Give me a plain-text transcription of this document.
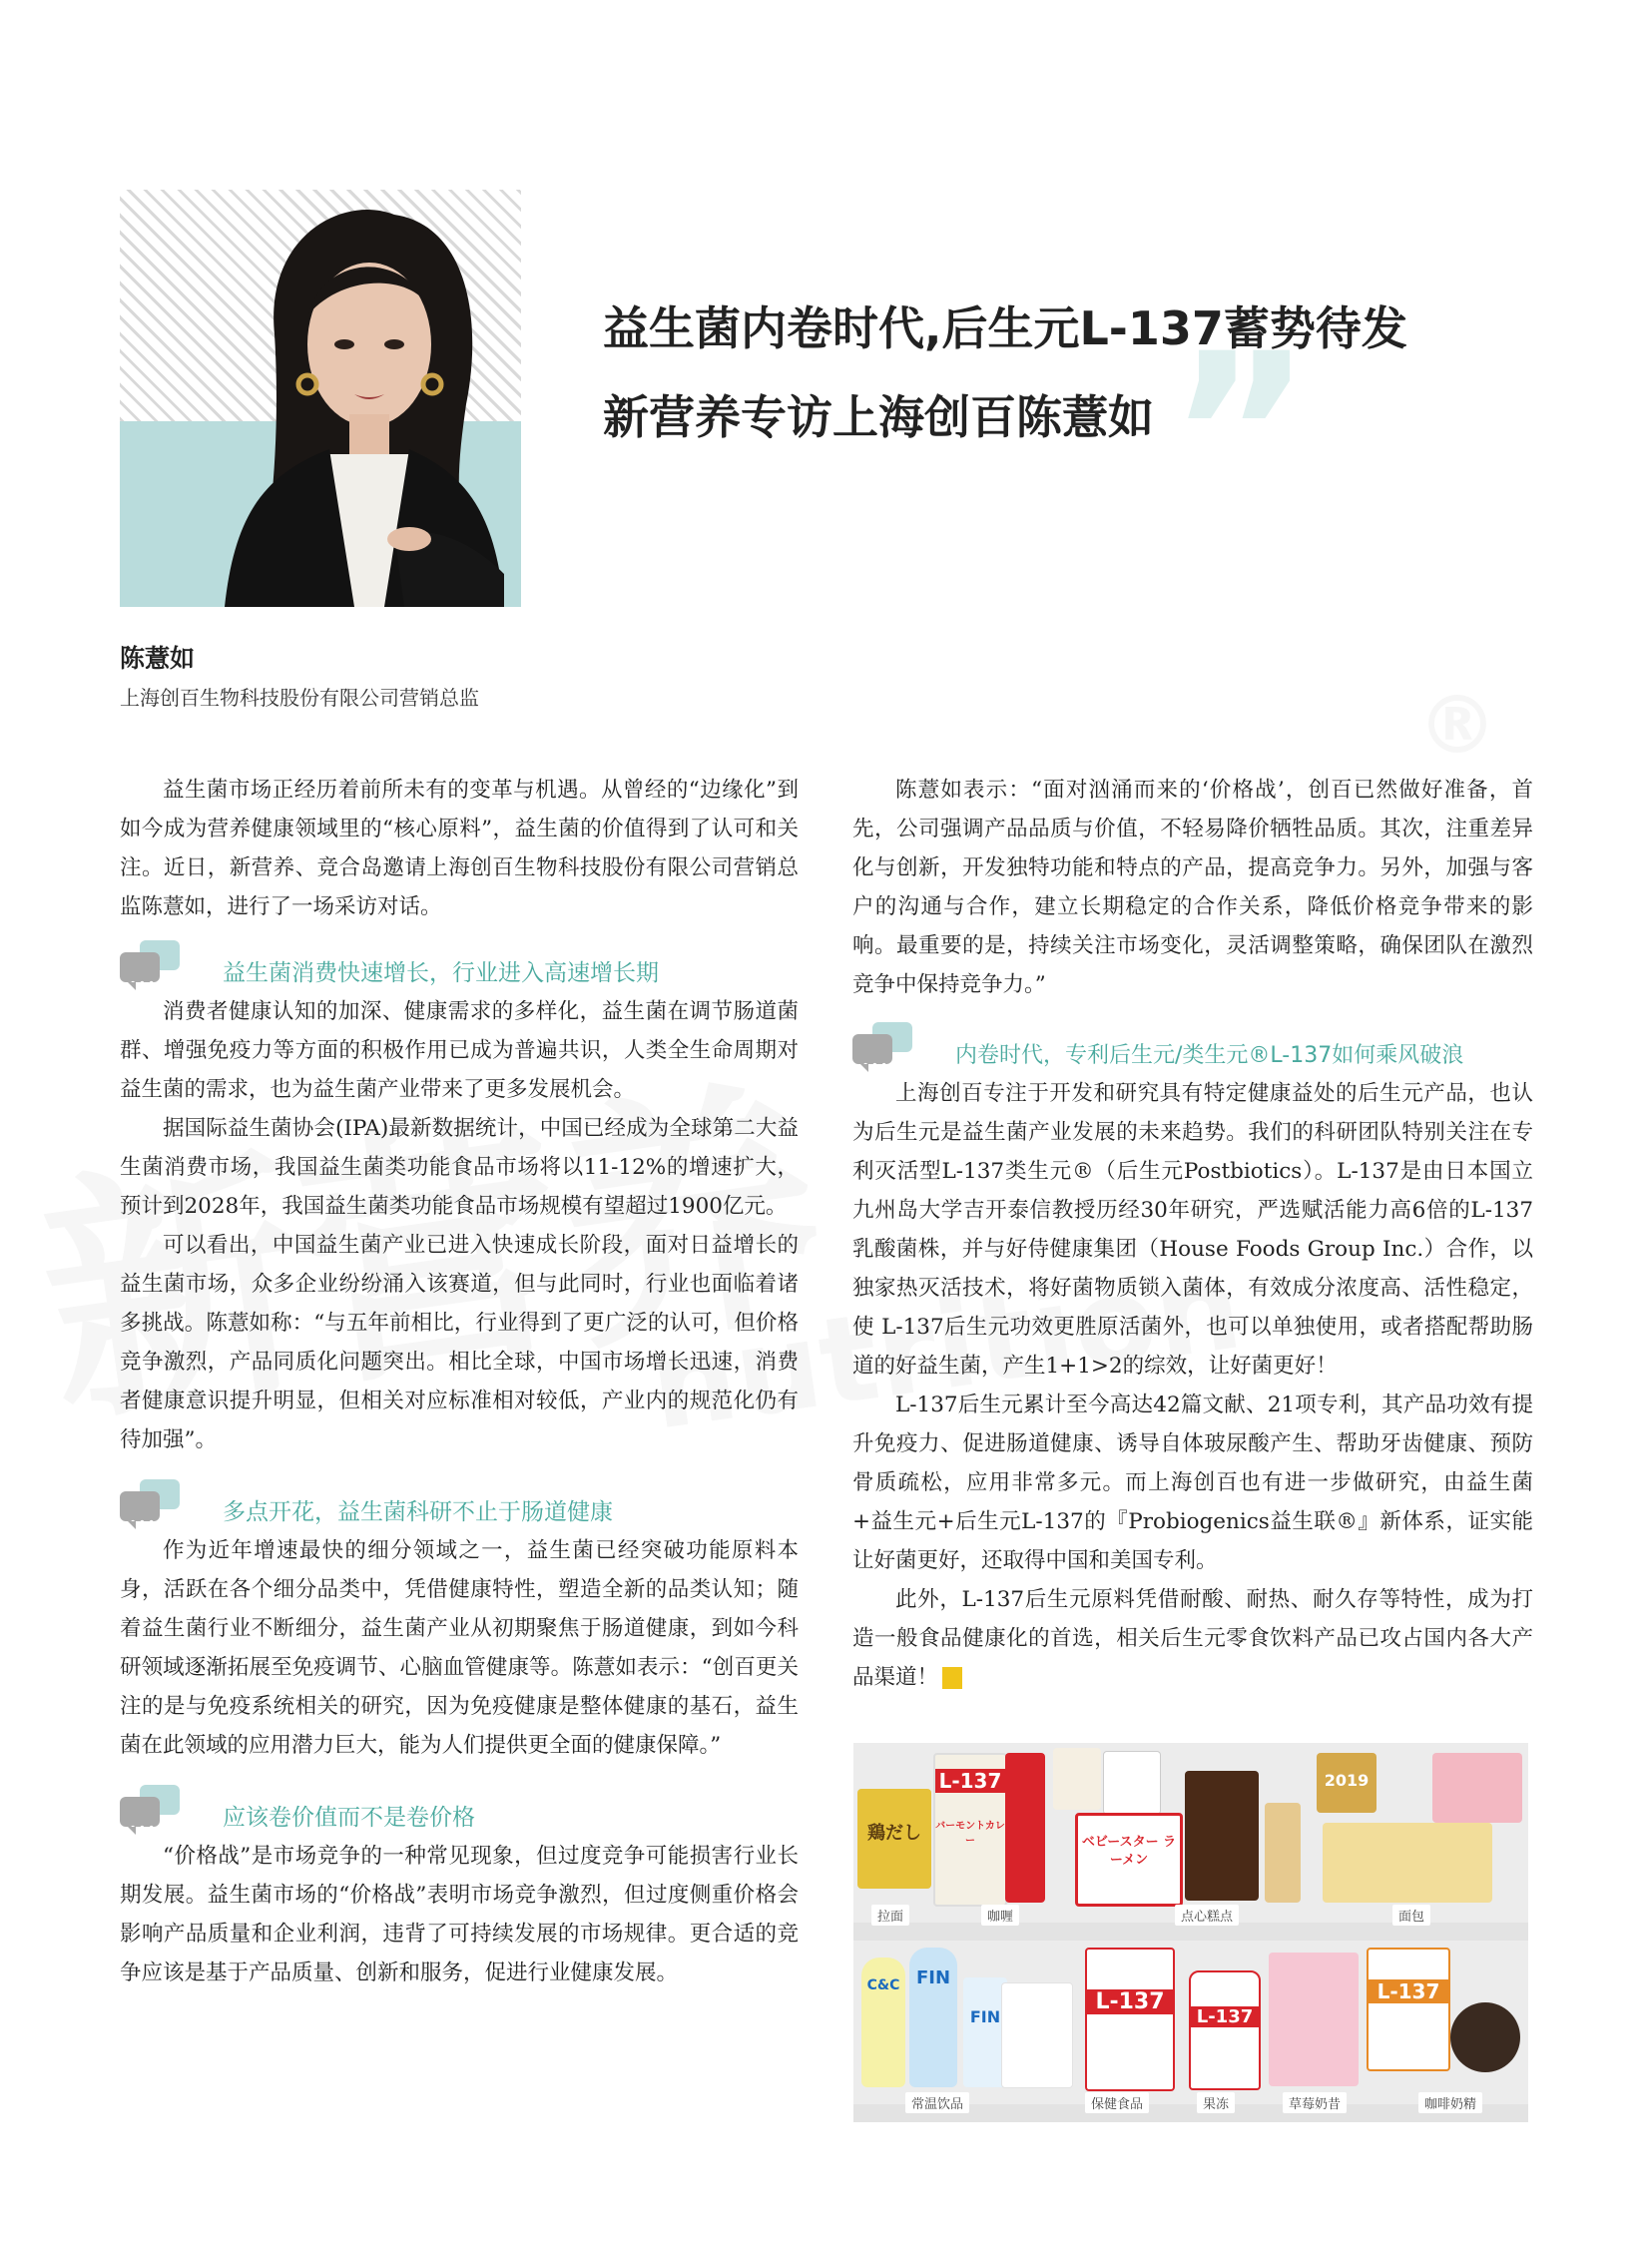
”
益生菌内卷时代,后生元L-137蓄势待发
新营养专访上海创百陈薏如
陈薏如
上海创百生物科技股份有限公司营销总监

益生菌市场正经历着前所未有的变革与机遇。从曾经的“边缘化”到如今成为营养健康领域里的“核心原料”，益生菌的价值得到了认可和关注。近日，新营养、竞合岛邀请上海创百生物科技股份有限公司营销总监陈薏如，进行了一场采访对话。

•••	益生菌消费快速增长，行业进入高速增长期

消费者健康认知的加深、健康需求的多样化，益生菌在调节肠道菌群、增强免疫力等方面的积极作用已成为普遍共识，人类全生命周期对益生菌的需求，也为益生菌产业带来了更多发展机会。

据国际益生菌协会(IPA)最新数据统计，中国已经成为全球第二大益生菌消费市场，我国益生菌类功能食品市场将以11-12%的增速扩大，预计到2028年，我国益生菌类功能食品市场规模有望超过1900亿元。

可以看出，中国益生菌产业已进入快速成长阶段，面对日益增长的益生菌市场，众多企业纷纷涌入该赛道，但与此同时，行业也面临着诸多挑战。陈薏如称：“与五年前相比，行业得到了更广泛的认可，但价格竞争激烈，产品同质化问题突出。相比全球，中国市场增长迅速，消费者健康意识提升明显，但相关对应标准相对较低，产业内的规范化仍有待加强”。

•••	多点开花，益生菌科研不止于肠道健康

作为近年增速最快的细分领域之一，益生菌已经突破功能原料本身，活跃在各个细分品类中，凭借健康特性，塑造全新的品类认知；随着益生菌行业不断细分，益生菌产业从初期聚焦于肠道健康，到如今科研领域逐渐拓展至免疫调节、心脑血管健康等。陈薏如表示：“创百更关注的是与免疫系统相关的研究，因为免疫健康是整体健康的基石，益生菌在此领域的应用潜力巨大，能为人们提供更全面的健康保障。”

•••	应该卷价值而不是卷价格

“价格战”是市场竞争的一种常见现象，但过度竞争可能损害行业长期发展。益生菌市场的“价格战”表明市场竞争激烈，但过度侧重价格会影响产品质量和企业利润，违背了可持续发展的市场规律。更合适的竞争应该是基于产品质量、创新和服务，促进行业健康发展。

陈薏如表示：“面对汹涌而来的‘价格战’，创百已然做好准备，首先，公司强调产品品质与价值，不轻易降价牺牲品质。其次，注重差异化与创新，开发独特功能和特点的产品，提高竞争力。另外，加强与客户的沟通与合作，建立长期稳定的合作关系，降低价格竞争带来的影响。最重要的是，持续关注市场变化，灵活调整策略，确保团队在激烈竞争中保持竞争力。”

•••	内卷时代，专利后生元/类生元®L-137如何乘风破浪

上海创百专注于开发和研究具有特定健康益处的后生元产品，也认为后生元是益生菌产业发展的未来趋势。我们的科研团队特别关注在专利灭活型L-137类生元®（后生元Postbiotics）。L-137是由日本国立九州岛大学吉开泰信教授历经30年研究，严选赋活能力高6倍的L-137乳酸菌株，并与好侍健康集团（House Foods Group Inc.）合作，以独家热灭活技术，将好菌物质锁入菌体，有效成分浓度高、活性稳定，使 L-137后生元功效更胜原活菌外，也可以单独使用，或者搭配帮助肠道的好益生菌，产生1+1>2的综效，让好菌更好！

L-137后生元累计至今高达42篇文献、21项专利，其产品功效有提升免疫力、促进肠道健康、诱导自体玻尿酸产生、帮助牙齿健康、预防骨质疏松，应用非常多元。而上海创百也有进一步做研究，由益生菌+益生元+后生元L-137的『Probiogenics益生联®』新体系，证实能让好菌更好，还取得中国和美国专利。

此外，L-137后生元原料凭借耐酸、耐热、耐久存等特性，成为打造一般食品健康化的首选，相关后生元零食饮料产品已攻占国内各大产品渠道！	N

鶏だし
L-137
バーモントカレー	ベビースター ラーメン
2019
拉面	咖喱	点心糕点	面包
C&C FIN
FIN
L-137
L-137
L-137
常温饮品	保健食品	果冻	草莓奶昔	咖啡奶精
